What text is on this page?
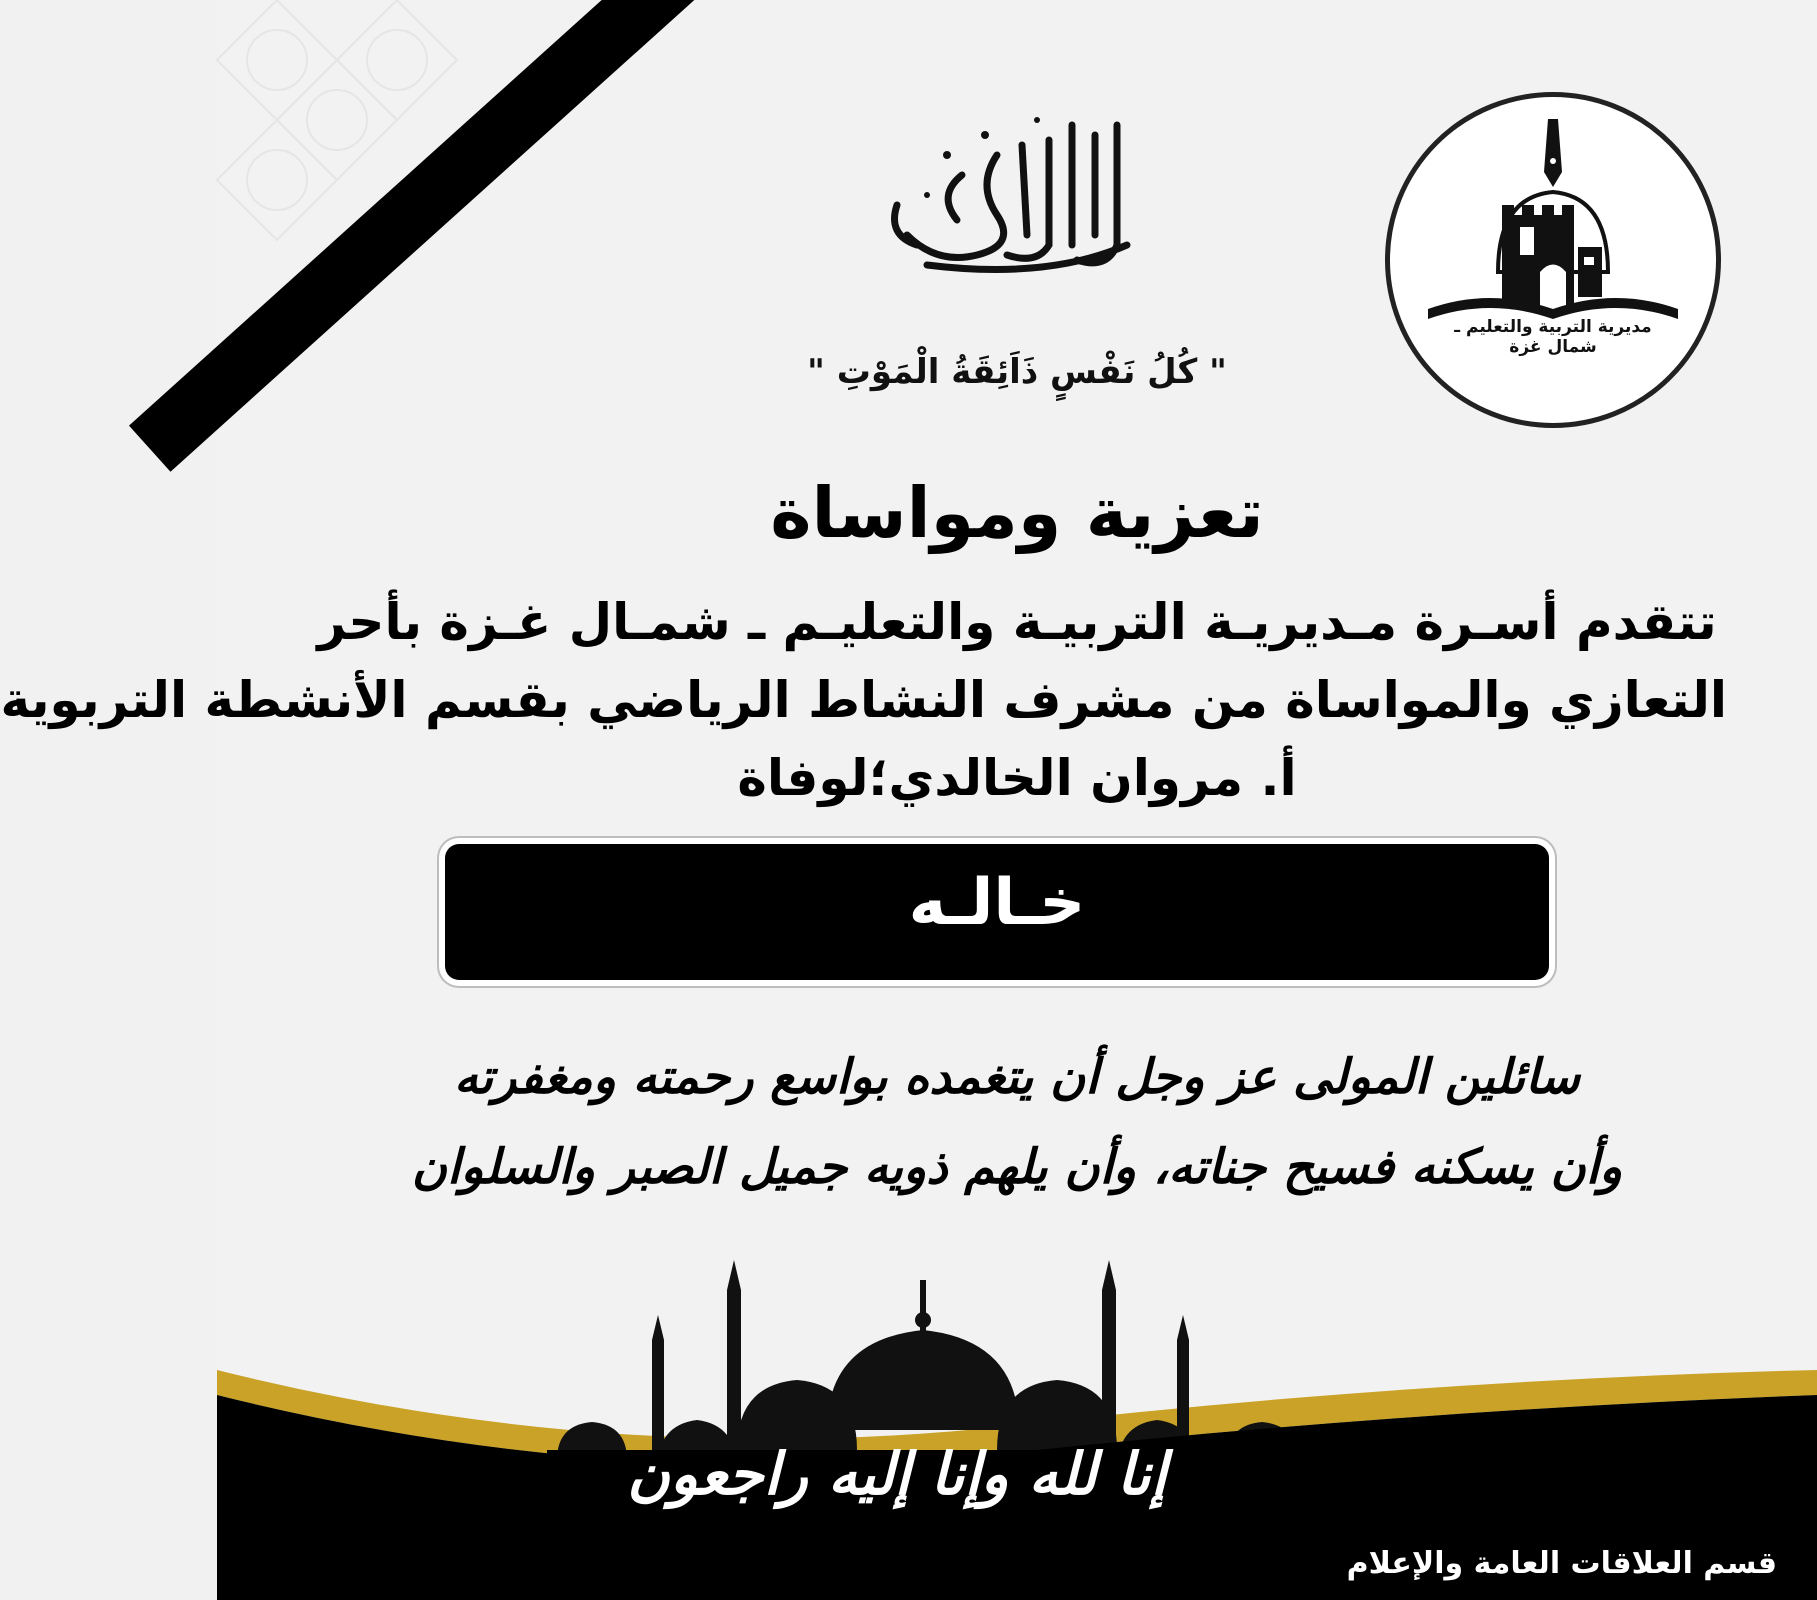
مديرية التربية والتعليم ـ شمال غزة
" كُلُ نَفْسٍ ذَاَئِقَةُ الْمَوْتِ "
تعزية ومواساة
تتقدم أسـرة مـديريـة التربيـة والتعليـم ـ شمـال غـزة بأحر
التعازي والمواساة من مشرف النشاط الرياضي بقسم الأنشطة التربوية
أ. مروان الخالدي؛لوفاة
خـالـه
سائلين المولى عز وجل أن يتغمده بواسع رحمته ومغفرته
وأن يسكنه فسيح جناته، وأن يلهم ذويه جميل الصبر والسلوان
إنا لله وإنا إليه راجعون
قسم العلاقات العامة والإعلام
